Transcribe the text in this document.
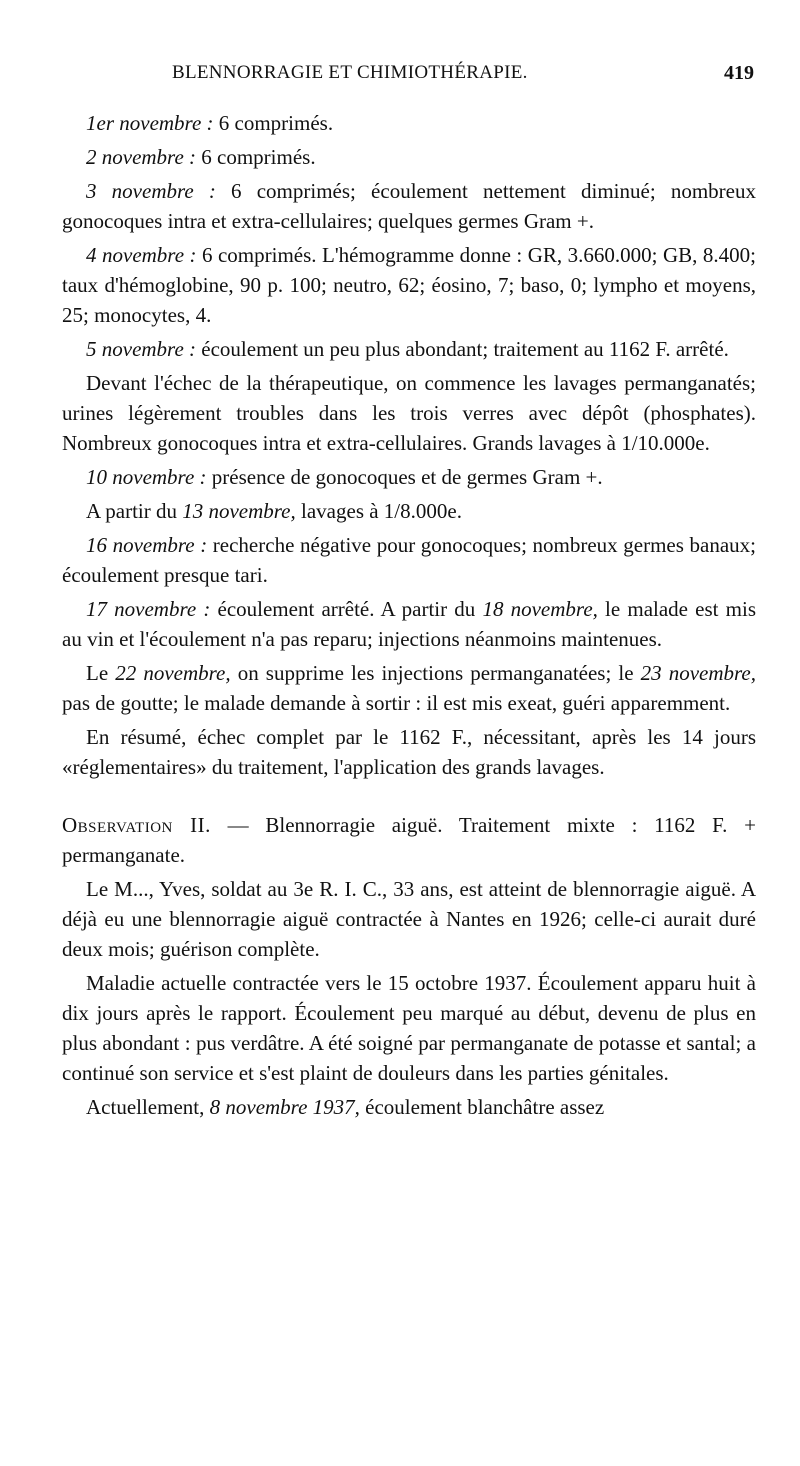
BLENNORRAGIE ET CHIMIOTHÉRAPIE.	419

1er novembre : 6 comprimés.

2 novembre : 6 comprimés.

3 novembre : 6 comprimés; écoulement nettement diminué; nombreux gonocoques intra et extra-cellulaires; quelques germes Gram +.

4 novembre : 6 comprimés. L'hémogramme donne : GR, 3.660.000; GB, 8.400; taux d'hémoglobine, 90 p. 100; neutro, 62; éosino, 7; baso, 0; lympho et moyens, 25; monocytes, 4.

5 novembre : écoulement un peu plus abondant; traitement au 1162 F. arrêté.

Devant l'échec de la thérapeutique, on commence les lavages permanganatés; urines légèrement troubles dans les trois verres avec dépôt (phosphates). Nombreux gonocoques intra et extra-cellulaires. Grands lavages à 1/10.000e.

10 novembre : présence de gonocoques et de germes Gram +.

A partir du 13 novembre, lavages à 1/8.000e.

16 novembre : recherche négative pour gonocoques; nombreux germes banaux; écoulement presque tari.

17 novembre : écoulement arrêté. A partir du 18 novembre, le malade est mis au vin et l'écoulement n'a pas reparu; injections néanmoins maintenues.

Le 22 novembre, on supprime les injections permanganatées; le 23 novembre, pas de goutte; le malade demande à sortir : il est mis exeat, guéri apparemment.

En résumé, échec complet par le 1162 F., nécessitant, après les 14 jours «réglementaires» du traitement, l'application des grands lavages.

Observation II. — Blennorragie aiguë. Traitement mixte : 1162 F. + permanganate.

Le M..., Yves, soldat au 3e R. I. C., 33 ans, est atteint de blennorragie aiguë. A déjà eu une blennorragie aiguë contractée à Nantes en 1926; celle-ci aurait duré deux mois; guérison complète.

Maladie actuelle contractée vers le 15 octobre 1937. Écoulement apparu huit à dix jours après le rapport. Écoulement peu marqué au début, devenu de plus en plus abondant : pus verdâtre. A été soigné par permanganate de potasse et santal; a continué son service et s'est plaint de douleurs dans les parties génitales.

Actuellement, 8 novembre 1937, écoulement blanchâtre assez
